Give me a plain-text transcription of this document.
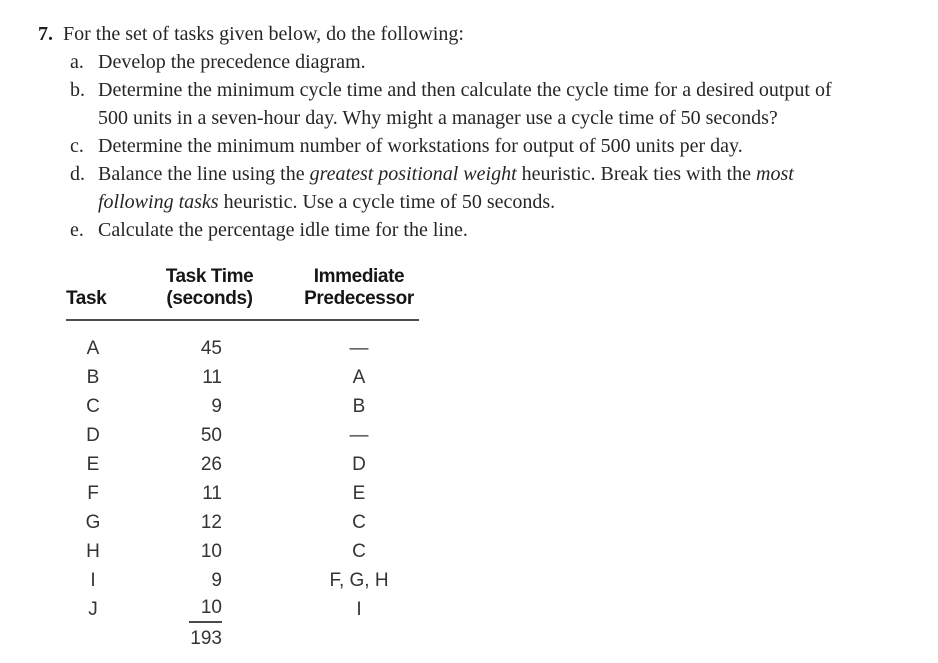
7. For the set of tasks given below, do the following:
a. Develop the precedence diagram.
b. Determine the minimum cycle time and then calculate the cycle time for a desired output of
500 units in a seven-hour day. Why might a manager use a cycle time of 50 seconds?
c. Determine the minimum number of workstations for output of 500 units per day.
d. Balance the line using the greatest positional weight heuristic. Break ties with the most
following tasks heuristic. Use a cycle time of 50 seconds.
e. Calculate the percentage idle time for the line.
Task
Task Time
(seconds)
Immediate
Predecessor
A	45	—
B	11	A
C	9	B
D	50	—
E	26	D
F	11	E
G	12	C
H	10	C
I	9	F, G, H
J	10	I
193
